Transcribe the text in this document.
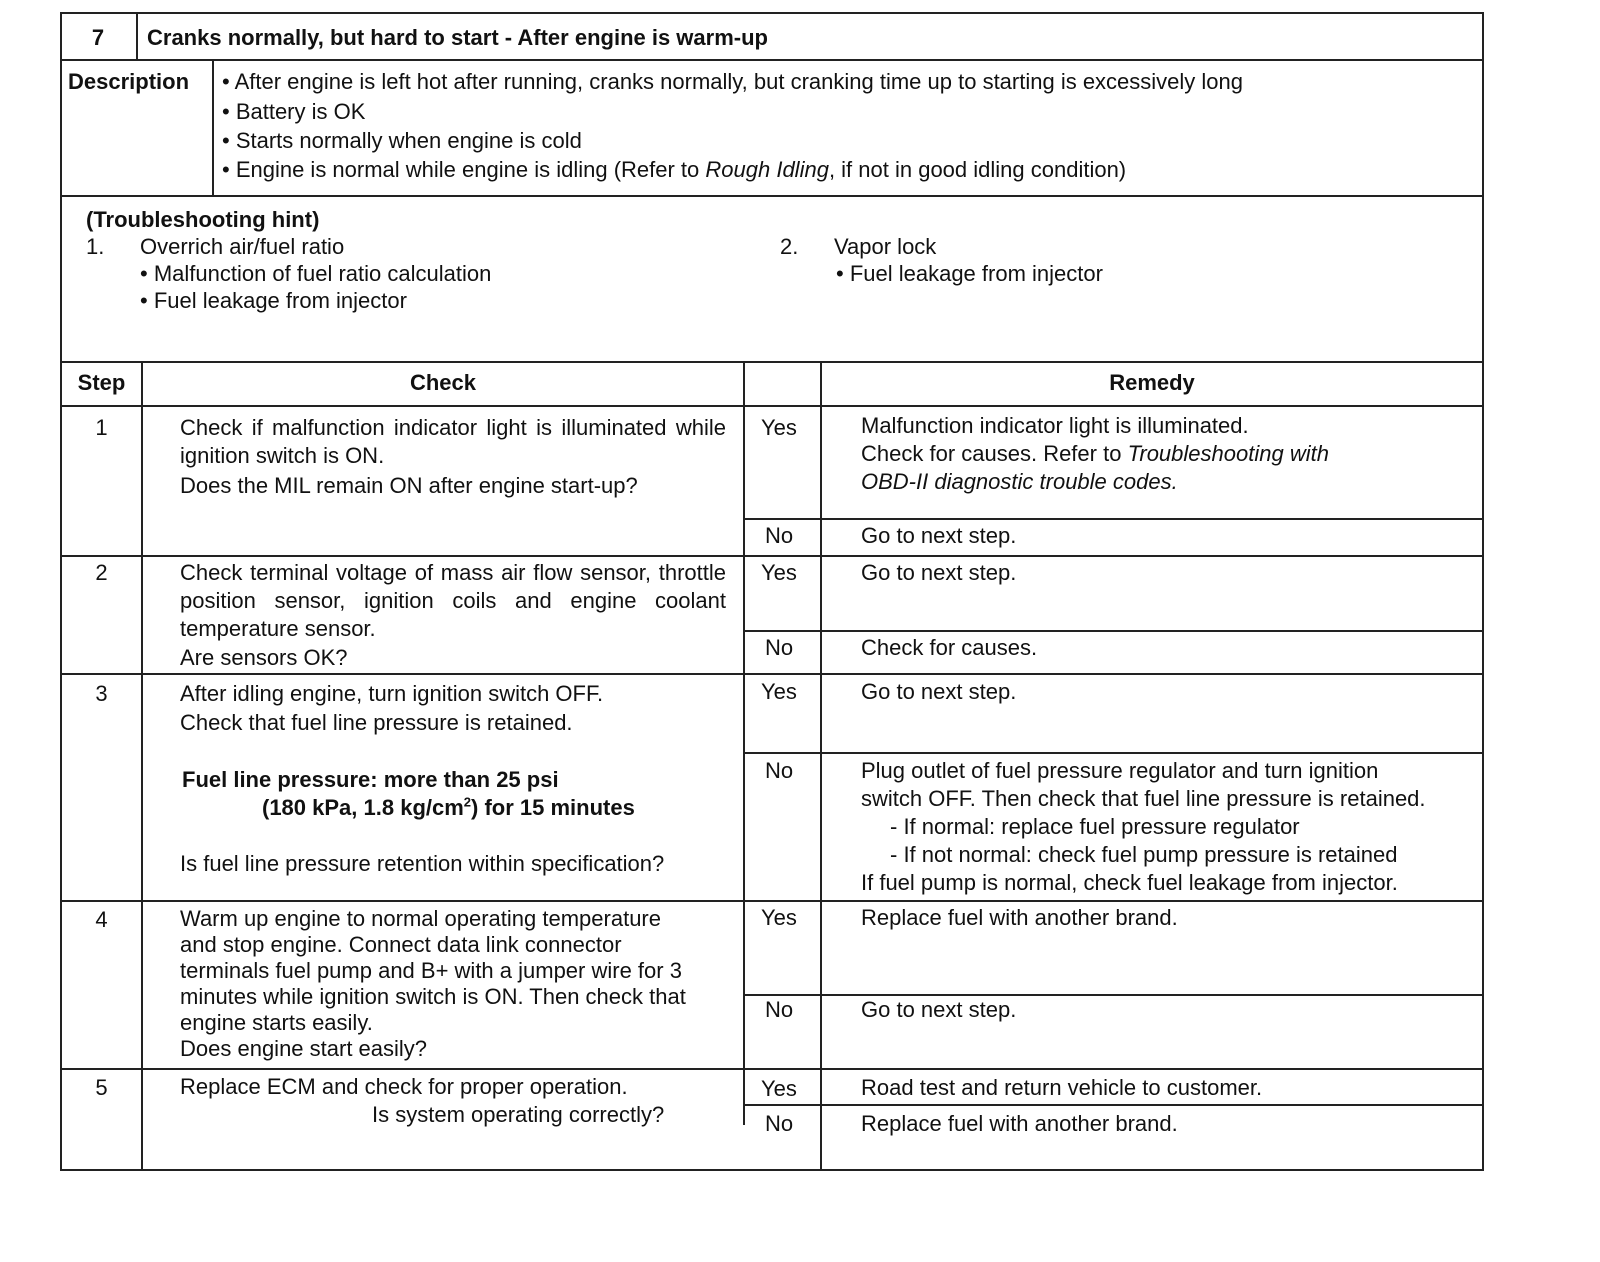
7	Cranks normally, but hard to start - After engine is warm-up
Description • After engine is left hot after running, cranks normally, but cranking time up to starting is excessively long
• Battery is OK
• Starts normally when engine is cold
• Engine is normal while engine is idling (Refer to Rough Idling, if not in good idling condition)
(Troubleshooting hint)
1. Overrich air/fuel ratio
• Malfunction of fuel ratio calculation
• Fuel leakage from injector
2. Vapor lock
• Fuel leakage from injector
Step	Check	Remedy
1	Check if malfunction indicator light is illuminated while ignition switch is ON.
Does the MIL remain ON after engine start-up?
Yes	Malfunction indicator light is illuminated.
Check for causes. Refer to Troubleshooting with
OBD-II diagnostic trouble codes.
No	Go to next step.
2	Check terminal voltage of mass air flow sensor, throttle position sensor, ignition coils and engine coolant temperature sensor.
Are sensors OK?
Yes	Go to next step.
No	Check for causes.
3	After idling engine, turn ignition switch OFF.
Check that fuel line pressure is retained.
Fuel line pressure: more than 25 psi
(180 kPa, 1.8 $kg/cm^2$) for 15 minutes
Is fuel line pressure retention within specification?
Yes	Go to next step.
No	Plug outlet of fuel pressure regulator and turn ignition
switch OFF. Then check that fuel line pressure is retained.
- If normal: replace fuel pressure regulator
- If not normal: check fuel pump pressure is retained
If fuel pump is normal, check fuel leakage from injector.
4	Warm up engine to normal operating temperature
and stop engine. Connect data link connector
terminals fuel pump and B+ with a jumper wire for 3
minutes while ignition switch is ON. Then check that
engine starts easily.
Does engine start easily?
Yes	Replace fuel with another brand.
No	Go to next step.
5	Replace ECM and check for proper operation.
Is system operating correctly?
Yes	Road test and return vehicle to customer.
No	Replace fuel with another brand.
